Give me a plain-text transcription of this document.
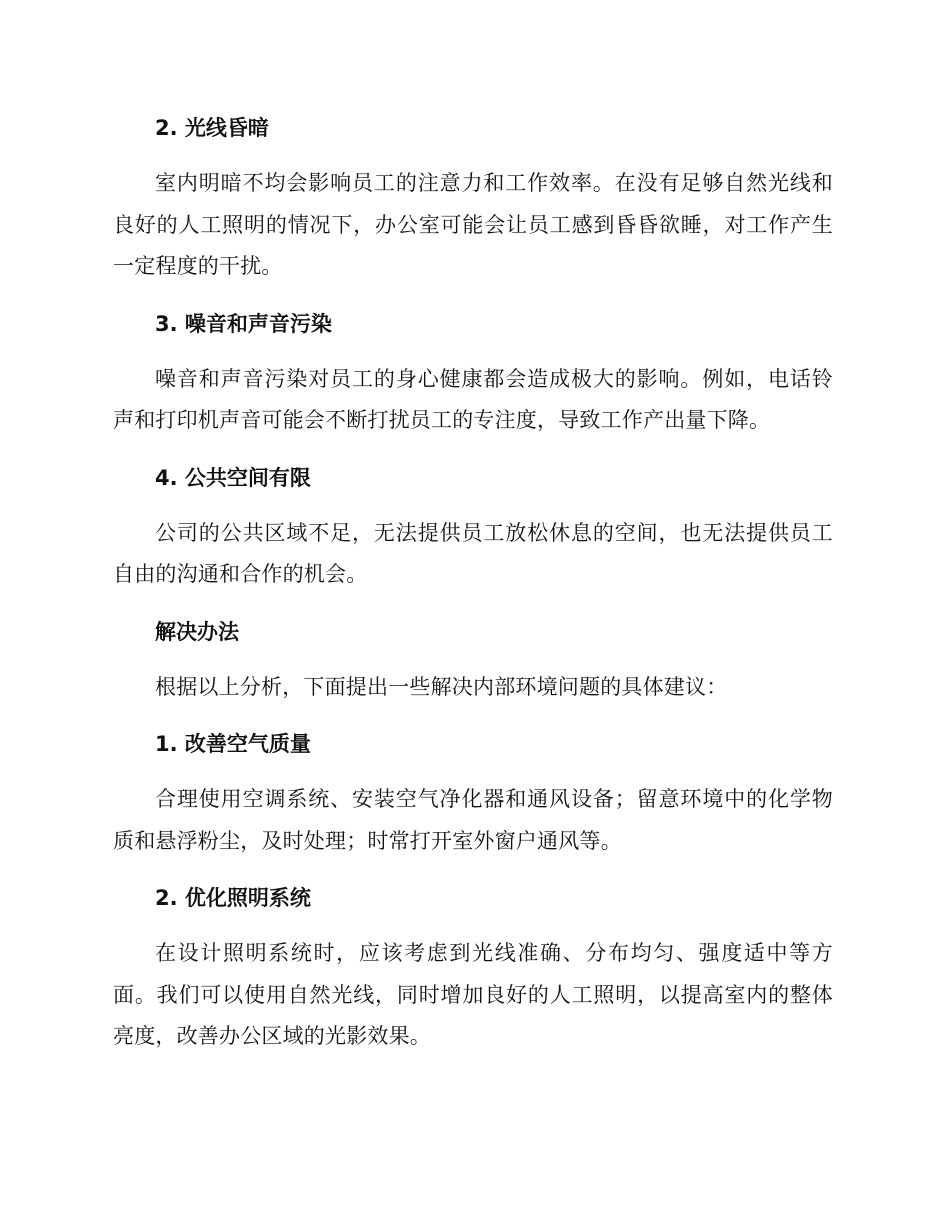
2. 光线昏暗

室内明暗不均会影响员工的注意力和工作效率。在没有足够自然光线和良好的人工照明的情况下，办公室可能会让员工感到昏昏欲睡，对工作产生一定程度的干扰。

3. 噪音和声音污染

噪音和声音污染对员工的身心健康都会造成极大的影响。例如，电话铃声和打印机声音可能会不断打扰员工的专注度，导致工作产出量下降。

4. 公共空间有限

公司的公共区域不足，无法提供员工放松休息的空间，也无法提供员工自由的沟通和合作的机会。

解决办法

根据以上分析，下面提出一些解决内部环境问题的具体建议：

1. 改善空气质量

合理使用空调系统、安装空气净化器和通风设备；留意环境中的化学物质和悬浮粉尘，及时处理；时常打开室外窗户通风等。

2. 优化照明系统

在设计照明系统时，应该考虑到光线准确、分布均匀、强度适中等方面。我们可以使用自然光线，同时增加良好的人工照明，以提高室内的整体亮度，改善办公区域的光影效果。
